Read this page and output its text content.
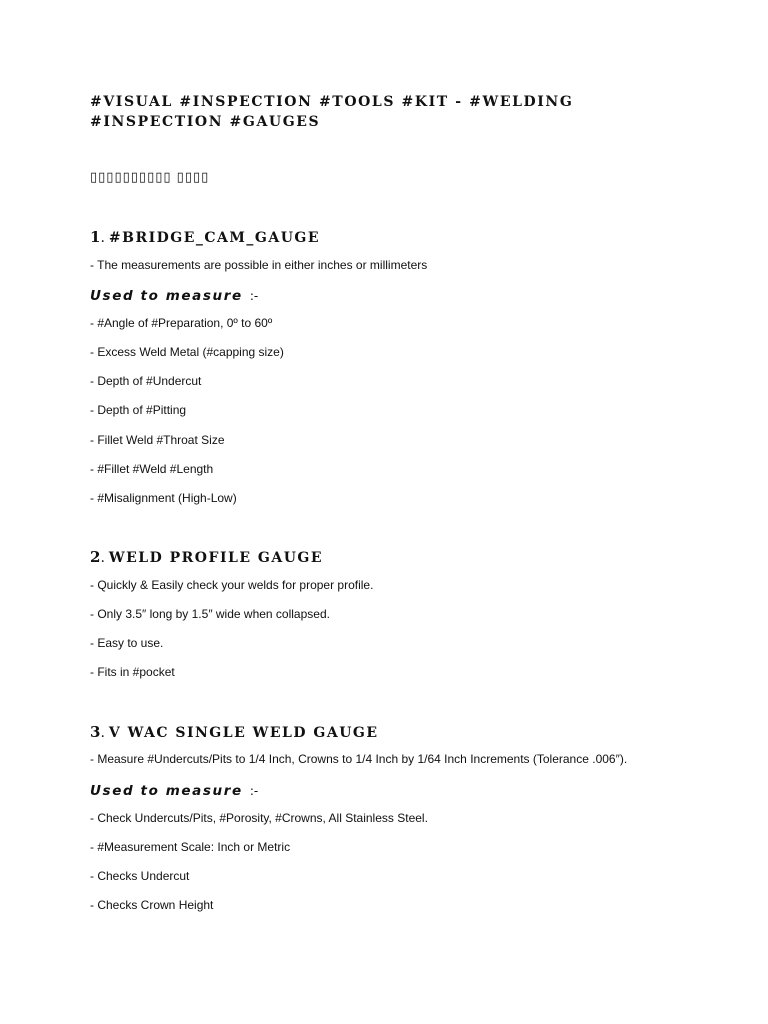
#VISUAL #INSPECTION #TOOLS #KIT - #WELDING #INSPECTION #GAUGES
▯▯▯▯▯▯▯▯▯▯ ▯▯▯▯
1. #BRIDGE_CAM_GAUGE
- The measurements are possible in either inches or millimeters
Used to measure :-
- #Angle of #Preparation, 0º to 60º
- Excess Weld Metal (#capping size)
- Depth of #Undercut
- Depth of #Pitting
- Fillet Weld #Throat Size
- #Fillet #Weld #Length
- #Misalignment (High-Low)
2. WELD PROFILE GAUGE
- Quickly & Easily check your welds for proper profile.
- Only 3.5″ long by 1.5″ wide when collapsed.
- Easy to use.
- Fits in #pocket
3. V WAC SINGLE WELD GAUGE
- Measure #Undercuts/Pits to 1/4 Inch, Crowns to 1/4 Inch by 1/64 Inch Increments (Tolerance .006″).
Used to measure :-
- Check Undercuts/Pits, #Porosity, #Crowns, All Stainless Steel.
- #Measurement Scale: Inch or Metric
- Checks Undercut
- Checks Crown Height
